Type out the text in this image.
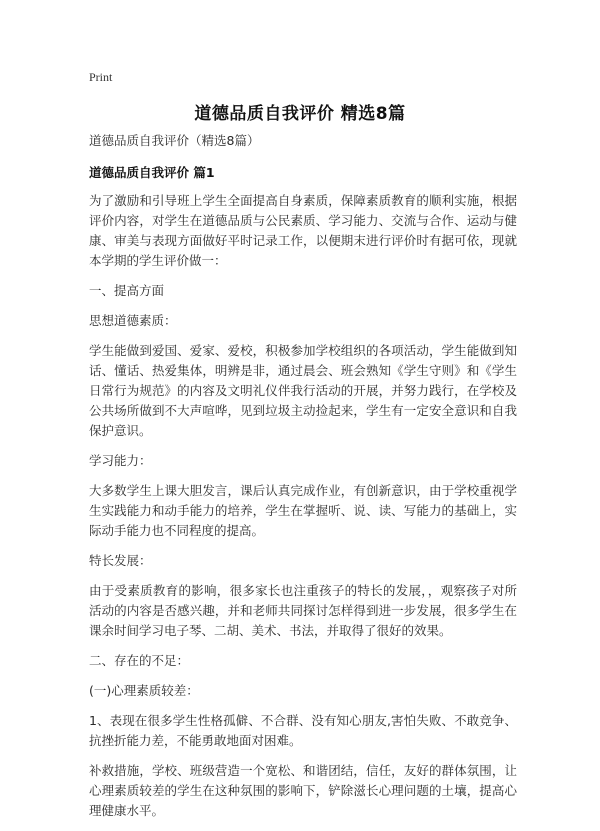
Print
道德品质自我评价 精选8篇
道德品质自我评价（精选8篇）
道德品质自我评价 篇1
为了激励和引导班上学生全面提高自身素质，保障素质教育的顺利实施，根据评价内容，对学生在道德品质与公民素质、学习能力、交流与合作、运动与健康、审美与表现方面做好平时记录工作，以便期末进行评价时有据可依，现就本学期的学生评价做一：
一、提高方面
思想道德素质：
学生能做到爱国、爱家、爱校，积极参加学校组织的各项活动，学生能做到知话、懂话、热爱集体，明辨是非，通过晨会、班会熟知《学生守则》和《学生日常行为规范》的内容及文明礼仪伴我行活动的开展，并努力践行，在学校及公共场所做到不大声喧哗，见到垃圾主动捡起来，学生有一定安全意识和自我保护意识。
学习能力：
大多数学生上课大胆发言，课后认真完成作业，有创新意识，由于学校重视学生实践能力和动手能力的培养，学生在掌握听、说、读、写能力的基础上，实际动手能力也不同程度的提高。
特长发展：
由于受素质教育的影响，很多家长也注重孩子的特长的发展，，观察孩子对所活动的内容是否感兴趣，并和老师共同探讨怎样得到进一步发展，很多学生在课余时间学习电子琴、二胡、美术、书法，并取得了很好的效果。
二、存在的不足：
(一)心理素质较差：
1、表现在很多学生性格孤僻、不合群、没有知心朋友,害怕失败、不敢竞争、抗挫折能力差，不能勇敢地面对困难。
补救措施，学校、班级营造一个宽松、和谐团结，信任，友好的群体氛围，让心理素质较差的学生在这种氛围的影响下，铲除滋长心理问题的土壤，提高心理健康水平。
